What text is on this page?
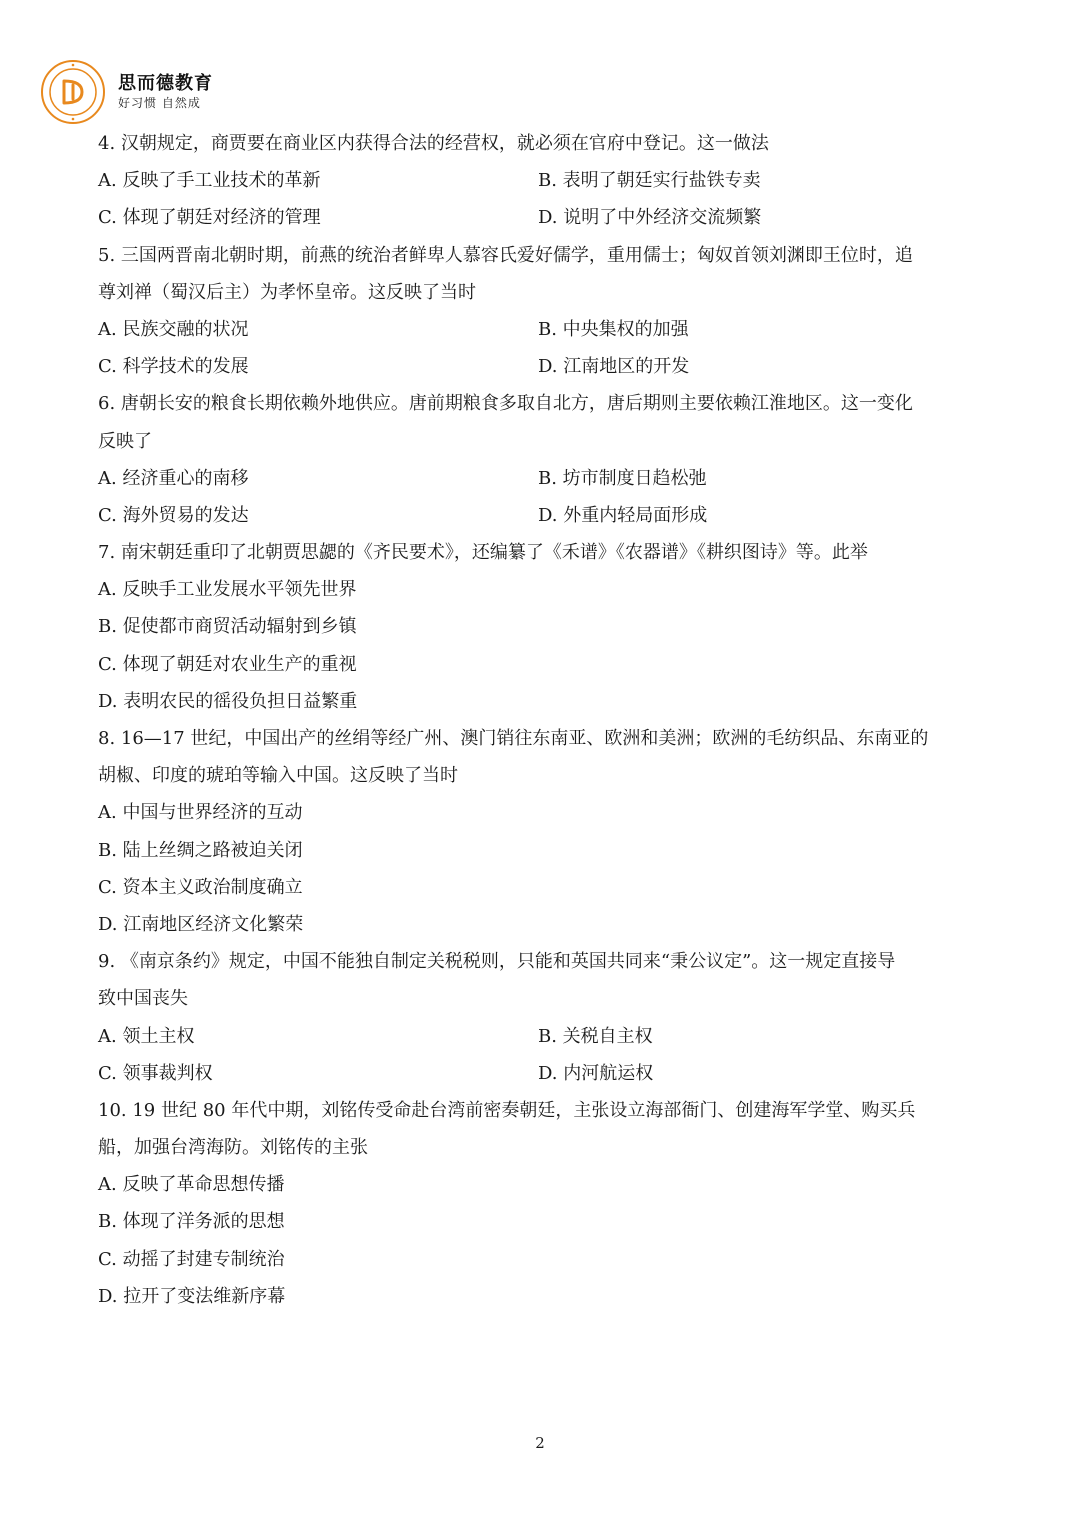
思而德教育
好习惯 自然成
4. 汉朝规定，商贾要在商业区内获得合法的经营权，就必须在官府中登记。这一做法
A. 反映了手工业技术的革新	B. 表明了朝廷实行盐铁专卖
C. 体现了朝廷对经济的管理	D. 说明了中外经济交流频繁
5. 三国两晋南北朝时期，前燕的统治者鲜卑人慕容氏爱好儒学，重用儒士；匈奴首领刘渊即王位时，追
尊刘禅（蜀汉后主）为孝怀皇帝。这反映了当时
A. 民族交融的状况	B. 中央集权的加强
C. 科学技术的发展	D. 江南地区的开发
6. 唐朝长安的粮食长期依赖外地供应。唐前期粮食多取自北方，唐后期则主要依赖江淮地区。这一变化
反映了
A. 经济重心的南移	B. 坊市制度日趋松弛
C. 海外贸易的发达	D. 外重内轻局面形成
7. 南宋朝廷重印了北朝贾思勰的《齐民要术》，还编纂了《禾谱》《农器谱》《耕织图诗》等。此举
A. 反映手工业发展水平领先世界
B. 促使都市商贸活动辐射到乡镇
C. 体现了朝廷对农业生产的重视
D. 表明农民的徭役负担日益繁重
8. 16—17 世纪，中国出产的丝绢等经广州、澳门销往东南亚、欧洲和美洲；欧洲的毛纺织品、东南亚的
胡椒、印度的琥珀等输入中国。这反映了当时
A. 中国与世界经济的互动
B. 陆上丝绸之路被迫关闭
C. 资本主义政治制度确立
D. 江南地区经济文化繁荣
9. 《南京条约》规定，中国不能独自制定关税税则，只能和英国共同来“秉公议定”。这一规定直接导
致中国丧失
A. 领土主权	B. 关税自主权
C. 领事裁判权	D. 内河航运权
10. 19 世纪 80 年代中期，刘铭传受命赴台湾前密奏朝廷，主张设立海部衙门、创建海军学堂、购买兵
船，加强台湾海防。刘铭传的主张
A. 反映了革命思想传播
B. 体现了洋务派的思想
C. 动摇了封建专制统治
D. 拉开了变法维新序幕
2
